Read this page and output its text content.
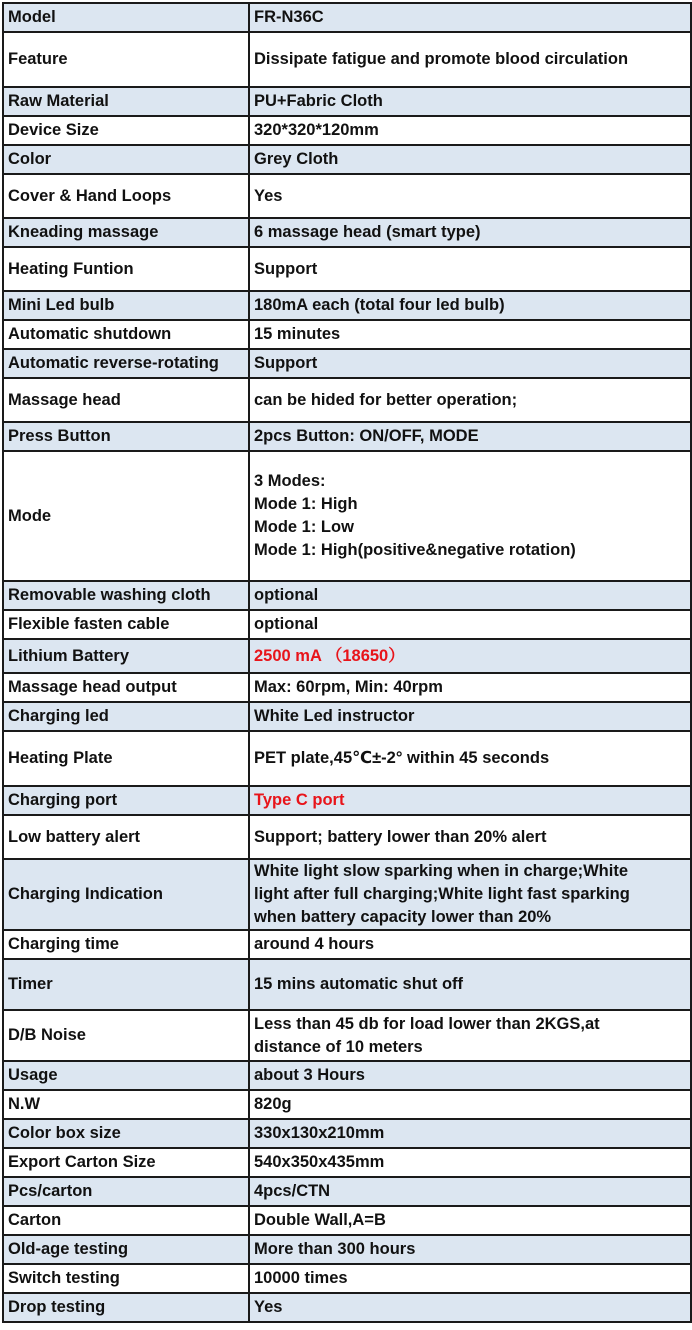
Model	FR-N36C

Feature	Dissipate fatigue and promote blood circulation

Raw Material	PU+Fabric Cloth

Device Size	320*320*120mm

Color	Grey Cloth

Cover & Hand Loops	Yes

Kneading massage	6 massage head (smart type)

Heating Funtion	Support

Mini Led bulb	180mA each (total four led bulb)

Automatic shutdown	15 minutes

Automatic reverse-rotating	Support

Massage head	can be hided for better operation;

Press Button	2pcs Button: ON/OFF, MODE

Mode	3 Modes:
Mode 1: High
Mode 1: Low
Mode 1: High(positive&negative rotation)

Removable washing cloth	optional

Flexible fasten cable	optional

Lithium Battery	2500 mA （18650）

Massage head output	Max: 60rpm, Min: 40rpm

Charging led	White Led instructor

Heating Plate	PET plate,45℃±-2° within 45 seconds

Charging port	Type C port

Low battery alert	Support; battery lower than 20% alert

Charging Indication	White light slow sparking when in charge;White
light after full charging;White light fast sparking
when battery capacity lower than 20%

Charging time	around 4 hours

Timer	15 mins automatic shut off

D/B Noise	Less than 45 db for load lower than 2KGS,at
distance of 10 meters

Usage	about 3 Hours

N.W	820g

Color box size	330x130x210mm

Export Carton Size	540x350x435mm

Pcs/carton	4pcs/CTN

Carton	Double Wall,A=B

Old-age testing	More than 300 hours

Switch testing	10000 times

Drop testing	Yes
